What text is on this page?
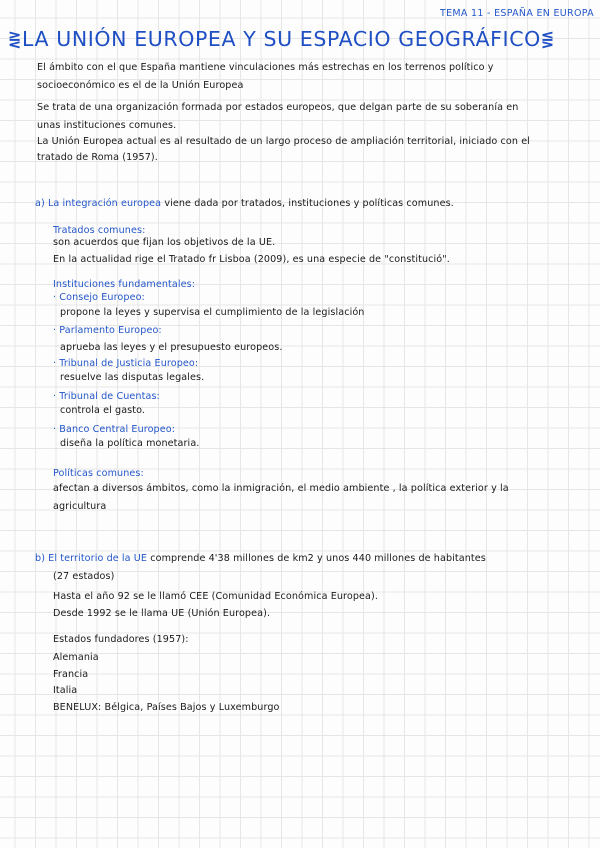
TEMA 11 - ESPAÑA EN EUROPA
⋛ LA UNIÓN EUROPEA Y SU ESPACIO GEOGRÁFICO ⋚
El ámbito con el que España mantiene vinculaciones más estrechas en los terrenos político y
socioeconómico es el de la Unión Europea
Se trata de una organización formada por estados europeos, que delgan parte de su soberanía en
unas instituciones comunes.
La Unión Europea actual es al resultado de un largo proceso de ampliación territorial, iniciado con el
tratado de Roma (1957).
a) La integración europea viene dada por tratados, instituciones y políticas comunes.
Tratados comunes:
son acuerdos que fijan los objetivos de la UE.
En la actualidad rige el Tratado fr Lisboa (2009), es una especie de "constitució".
Instituciones fundamentales:
· Consejo Europeo:
propone la leyes y supervisa el cumplimiento de la legislación
· Parlamento Europeo:
aprueba las leyes y el presupuesto europeos.
· Tribunal de Justicia Europeo:
resuelve las disputas legales.
· Tribunal de Cuentas:
controla el gasto.
· Banco Central Europeo:
diseña la política monetaria.
Políticas comunes:
afectan a diversos ámbitos, como la inmigración, el medio ambiente , la política exterior y la
agricultura
b) El territorio de la UE comprende 4'38 millones de km2 y unos 440 millones de habitantes
(27 estados)
Hasta el año 92 se le llamó CEE (Comunidad Económica Europea).
Desde 1992 se le llama UE (Unión Europea).
Estados fundadores (1957):
Alemania
Francia
Italia
BENELUX: Bélgica, Países Bajos y Luxemburgo
